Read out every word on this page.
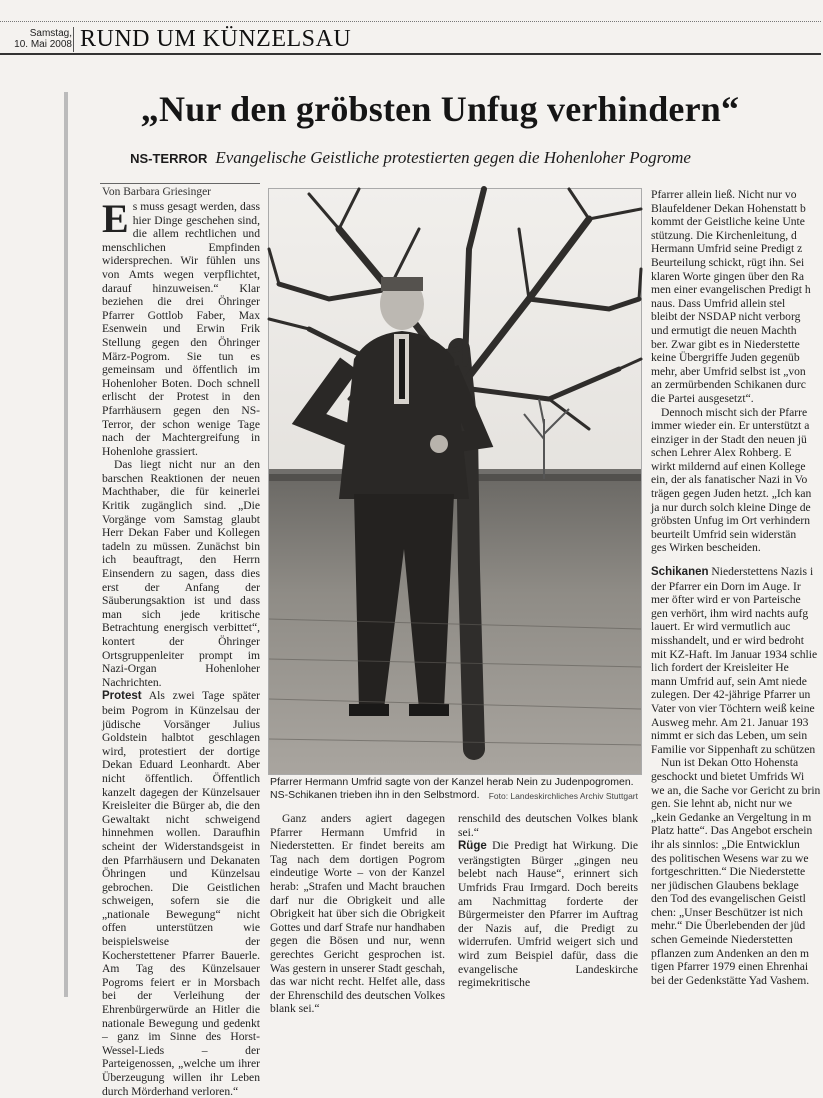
Samstag,
10. Mai 2008 RUND UM KÜNZELSAU
„Nur den gröbsten Unfug verhindern“
NS-TERROR Evangelische Geistliche protestierten gegen die Hohenloher Pogrome
Von Barbara Griesinger

Es muss gesagt werden, dass hier Dinge geschehen sind, die allem rechtlichen und menschlichen Empfinden widersprechen. Wir fühlen uns von Amts wegen verpflichtet, darauf hinzuweisen.“ Klar beziehen die drei Öhringer Pfarrer Gottlob Faber, Max Esenwein und Erwin Frik Stellung gegen den Öhringer März-Pogrom. Sie tun es gemeinsam und öffentlich im Hohenloher Boten. Doch schnell erlischt der Protest in den Pfarrhäusern gegen den NS-Terror, der schon wenige Tage nach der Machtergreifung in Hohenlohe grassiert.

Das liegt nicht nur an den barschen Reaktionen der neuen Machthaber, die für keinerlei Kritik zugänglich sind. „Die Vorgänge vom Samstag glaubt Herr Dekan Faber und Kollegen tadeln zu müssen. Zunächst bin ich beauftragt, den Herrn Einsendern zu sagen, dass dies erst der Anfang der Säuberungsaktion ist und dass man sich jede kritische Betrachtung energisch verbittet“, kontert der Öhringer Ortsgruppenleiter prompt im Nazi-Organ Hohenloher Nachrichten.

Protest Als zwei Tage später beim Pogrom in Künzelsau der jüdische Vorsänger Julius Goldstein halbtot geschlagen wird, protestiert der dortige Dekan Eduard Leonhardt. Aber nicht öffentlich. Öffentlich kanzelt dagegen der Künzelsauer Kreisleiter die Bürger ab, die den Gewaltakt nicht schweigend hinnehmen wollen. Daraufhin scheint der Widerstandsgeist in den Pfarrhäusern und Dekanaten Öhringen und Künzelsau gebrochen. Die Geistlichen schweigen, sofern sie die „nationale Bewegung“ nicht offen unterstützen wie beispielsweise der Kocherstettener Pfarrer Bauerle. Am Tag des Künzelsauer Pogroms feiert er in Morsbach bei der Verleihung der Ehrenbürgerwürde an Hitler die nationale Bewegung und gedenkt – ganz im Sinne des Horst-Wessel-Lieds – der Parteigenossen, „welche um ihrer Überzeugung willen ihr Leben durch Mörderhand verloren.“

Pfarrer Hermann Umfrid sagte von der Kanzel herab Nein zu Judenpogromen. NS-Schikanen trieben ihn in den Selbstmord.	Foto: Landeskirchliches Archiv Stuttgart

Ganz anders agiert dagegen Pfarrer Hermann Umfrid in Niederstetten. Er findet bereits am Tag nach dem dortigen Pogrom eindeutige Worte – von der Kanzel herab: „Strafen und Macht brauchen darf nur die Obrigkeit und alle Obrigkeit hat über sich die Obrigkeit Gottes und darf Strafe nur handhaben gegen die Bösen und nur, wenn gerechtes Gericht gesprochen ist. Was gestern in unserer Stadt geschah, das war nicht recht. Helfet alle, dass der Ehrenschild des deutschen Volkes blank sei.“

renschild des deutschen Volkes blank sei.“

Rüge Die Predigt hat Wirkung. Die verängstigten Bürger „gingen neu belebt nach Hause“, erinnert sich Umfrids Frau Irmgard. Doch bereits am Nachmittag forderte der Bürgermeister den Pfarrer im Auftrag der Nazis auf, die Predigt zu widerrufen. Umfrid weigert sich und wird zum Beispiel dafür, dass die evangelische Landeskirche regimekritische

Pfarrer allein ließ. Nicht nur vo
Blaufeldener Dekan Hohenstatt b
kommt der Geistliche keine Unte
stützung. Die Kirchenleitung, d
Hermann Umfrid seine Predigt z
Beurteilung schickt, rügt ihn. Sei
klaren Worte gingen über den Ra
men einer evangelischen Predigt h
naus. Dass Umfrid allein stel
bleibt der NSDAP nicht verborg
und ermutigt die neuen Machth
ber. Zwar gibt es in Niederstette
keine Übergriffe Juden gegenüb
mehr, aber Umfrid selbst ist „von
an zermürbenden Schikanen durc
die Partei ausgesetzt“.
Dennoch mischt sich der Pfarre
immer wieder ein. Er unterstützt a
einziger in der Stadt den neuen jü
schen Lehrer Alex Rohberg. E
wirkt mildernd auf einen Kollege
ein, der als fanatischer Nazi in Vo
trägen gegen Juden hetzt. „Ich kan
ja nur durch solch kleine Dinge de
gröbsten Unfug im Ort verhindern
beurteilt Umfrid sein widerstän
ges Wirken bescheiden.
Schikanen Niederstettens Nazis i
der Pfarrer ein Dorn im Auge. Ir
mer öfter wird er von Parteische
gen verhört, ihm wird nachts aufg
lauert. Er wird vermutlich auc
misshandelt, und er wird bedroht
mit KZ-Haft. Im Januar 1934 schlie
lich fordert der Kreisleiter He
mann Umfrid auf, sein Amt niede
zulegen. Der 42-jährige Pfarrer un
Vater von vier Töchtern weiß keine
Ausweg mehr. Am 21. Januar 193
nimmt er sich das Leben, um sein
Familie vor Sippenhaft zu schützen
Nun ist Dekan Otto Hohensta
geschockt und bietet Umfrids Wi
we an, die Sache vor Gericht zu brin
gen. Sie lehnt ab, nicht nur we
„kein Gedanke an Vergeltung in m
Platz hatte“. Das Angebot erschein
ihr als sinnlos: „Die Entwicklun
des politischen Wesens war zu we
fortgeschritten.“ Die Niederstette
ner jüdischen Glaubens beklage
den Tod des evangelischen Geistl
chen: „Unser Beschützer ist nich
mehr.“ Die Überlebenden der jüd
schen Gemeinde Niederstetten
pflanzen zum Andenken an den m
tigen Pfarrer 1979 einen Ehrenhai
bei der Gedenkstätte Yad Vashem.
